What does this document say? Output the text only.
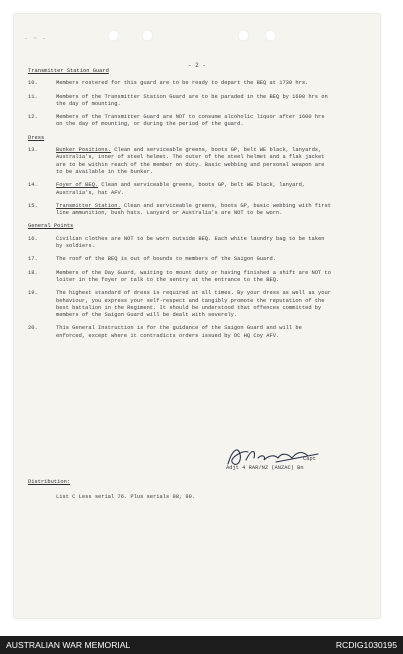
- ~ -
- 2 -
Transmitter Station Guard
10.	Members rostered for this guard are to be ready to depart the BEQ at 1730 hrs.
11.	Members of the Transmitter Station Guard are to be paraded in the BEQ by 1600 hrs on the day of mounting.
12.	Members of the Transmitter Guard are NOT to consume alcoholic liquor after 1600 hrs on the day of mounting, or during the period of the guard.
Dress
13.	Bunker Positions. Clean and serviceable greens, boots GP, belt WE black, lanyards, Australia's, inner of steel helmet. The outer of the steel helmet and a flak jacket are to be within reach of the member on duty. Basic webbing and personal weapon are to be available in the bunker.
14.	Foyer of BEQ. Clean and serviceable greens, boots GP, belt WE black, lanyard, Australia's, hat AFV.
15.	Transmitter Station. Clean and serviceable greens, boots GP, basic webbing with first line ammunition, bush hats. Lanyard or Australia's are NOT to be worn.
General Points
16.	Civilian clothes are NOT to be worn outside BEQ. Each white laundry bag to be taken by soldiers.
17.	The roof of the BEQ is out of bounds to members of the Saigon Guard.
18.	Members of the Day Guard, waiting to mount duty or having finished a shift are NOT to loiter in the foyer or talk to the sentry at the entrance to the BEQ.
19.	The highest standard of dress is required at all times. By your dress as well as your behaviour, you express your self-respect and tangibly promote the reputation of the best battalion in the Regiment. It should be understood that offences committed by members of the Saigon Guard will be dealt with severely.
20.	This General Instruction is for the guidance of the Saigon Guard and will be enforced, except where it contradicts orders issued by OC HQ Coy AFV.
Capt
Adjt 4 RAR/NZ (ANZAC) Bn
Distribution:
List C Less serial 76. Plus serials 98, 99.
AUSTRALIAN WAR MEMORIAL	RCDIG1030195
